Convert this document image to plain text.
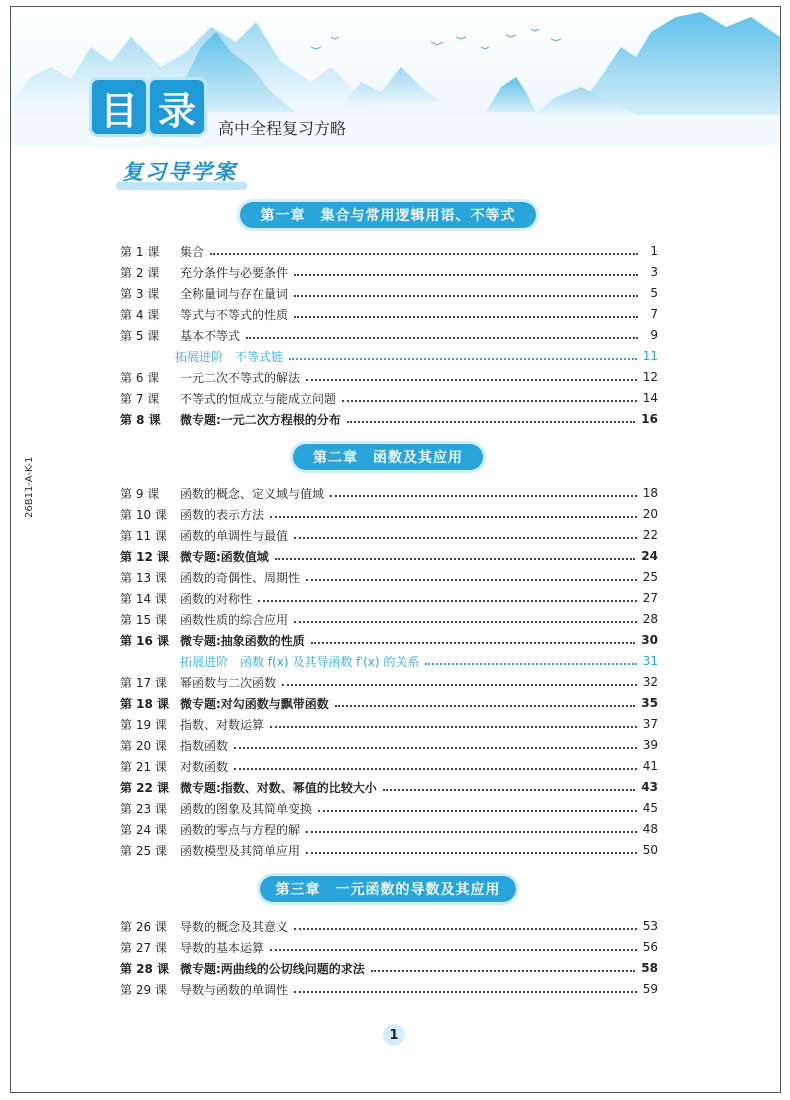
目 录	高中全程复习方略
复习导学案
26B11-A-K-1
第一章　集合与常用逻辑用语、不等式
第 1 课	集合	1
第 2 课	充分条件与必要条件	3
第 3 课	全称量词与存在量词	5
第 4 课	等式与不等式的性质	7
第 5 课	基本不等式	9
拓展进阶　不等式链	11
第 6 课	一元二次不等式的解法	12
第 7 课	不等式的恒成立与能成立问题	14
第 8 课	微专题:一元二次方程根的分布	16
第二章　函数及其应用
第 9 课	函数的概念、定义域与值域	18
第 10 课	函数的表示方法	20
第 11 课	函数的单调性与最值	22
第 12 课 微专题:函数值域	24
第 13 课	函数的奇偶性、周期性	25
第 14 课	函数的对称性	27
第 15 课	函数性质的综合应用	28
第 16 课 微专题:抽象函数的性质	30
拓展进阶　函数 f(x) 及其导函数 f′(x) 的关系	31
第 17 课	幂函数与二次函数	32
第 18 课 微专题:对勾函数与飘带函数	35
第 19 课	指数、对数运算	37
第 20 课	指数函数	39
第 21 课	对数函数	41
第 22 课 微专题:指数、对数、幂值的比较大小	43
第 23 课	函数的图象及其简单变换	45
第 24 课	函数的零点与方程的解	48
第 25 课	函数模型及其简单应用	50
第三章　一元函数的导数及其应用
第 26 课	导数的概念及其意义	53
第 27 课	导数的基本运算	56
第 28 课 微专题:两曲线的公切线问题的求法	58
第 29 课	导数与函数的单调性	59
1
